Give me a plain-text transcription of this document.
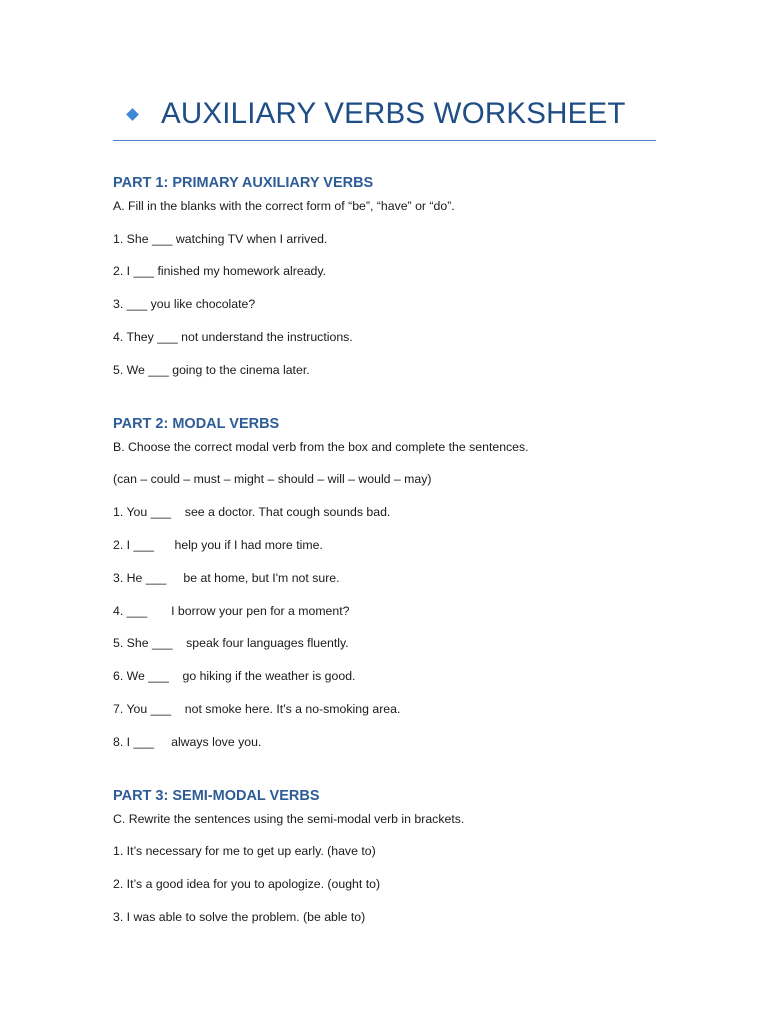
AUXILIARY VERBS WORKSHEET
PART 1: PRIMARY AUXILIARY VERBS
A. Fill in the blanks with the correct form of “be”, “have” or “do”.
1. She ___ watching TV when I arrived.
2. I ___ finished my homework already.
3. ___ you like chocolate?
4. They ___ not understand the instructions.
5. We ___ going to the cinema later.
PART 2: MODAL VERBS
B. Choose the correct modal verb from the box and complete the sentences.
(can – could – must – might – should – will – would – may)
1. You ___    see a doctor. That cough sounds bad.
2. I ___      help you if I had more time.
3. He ___     be at home, but I'm not sure.
4. ___       I borrow your pen for a moment?
5. She ___    speak four languages fluently.
6. We ___    go hiking if the weather is good.
7. You ___    not smoke here. It's a no-smoking area.
8. I ___     always love you.
PART 3: SEMI-MODAL VERBS
C. Rewrite the sentences using the semi-modal verb in brackets.
1. It’s necessary for me to get up early. (have to)
2. It’s a good idea for you to apologize. (ought to)
3. I was able to solve the problem. (be able to)
